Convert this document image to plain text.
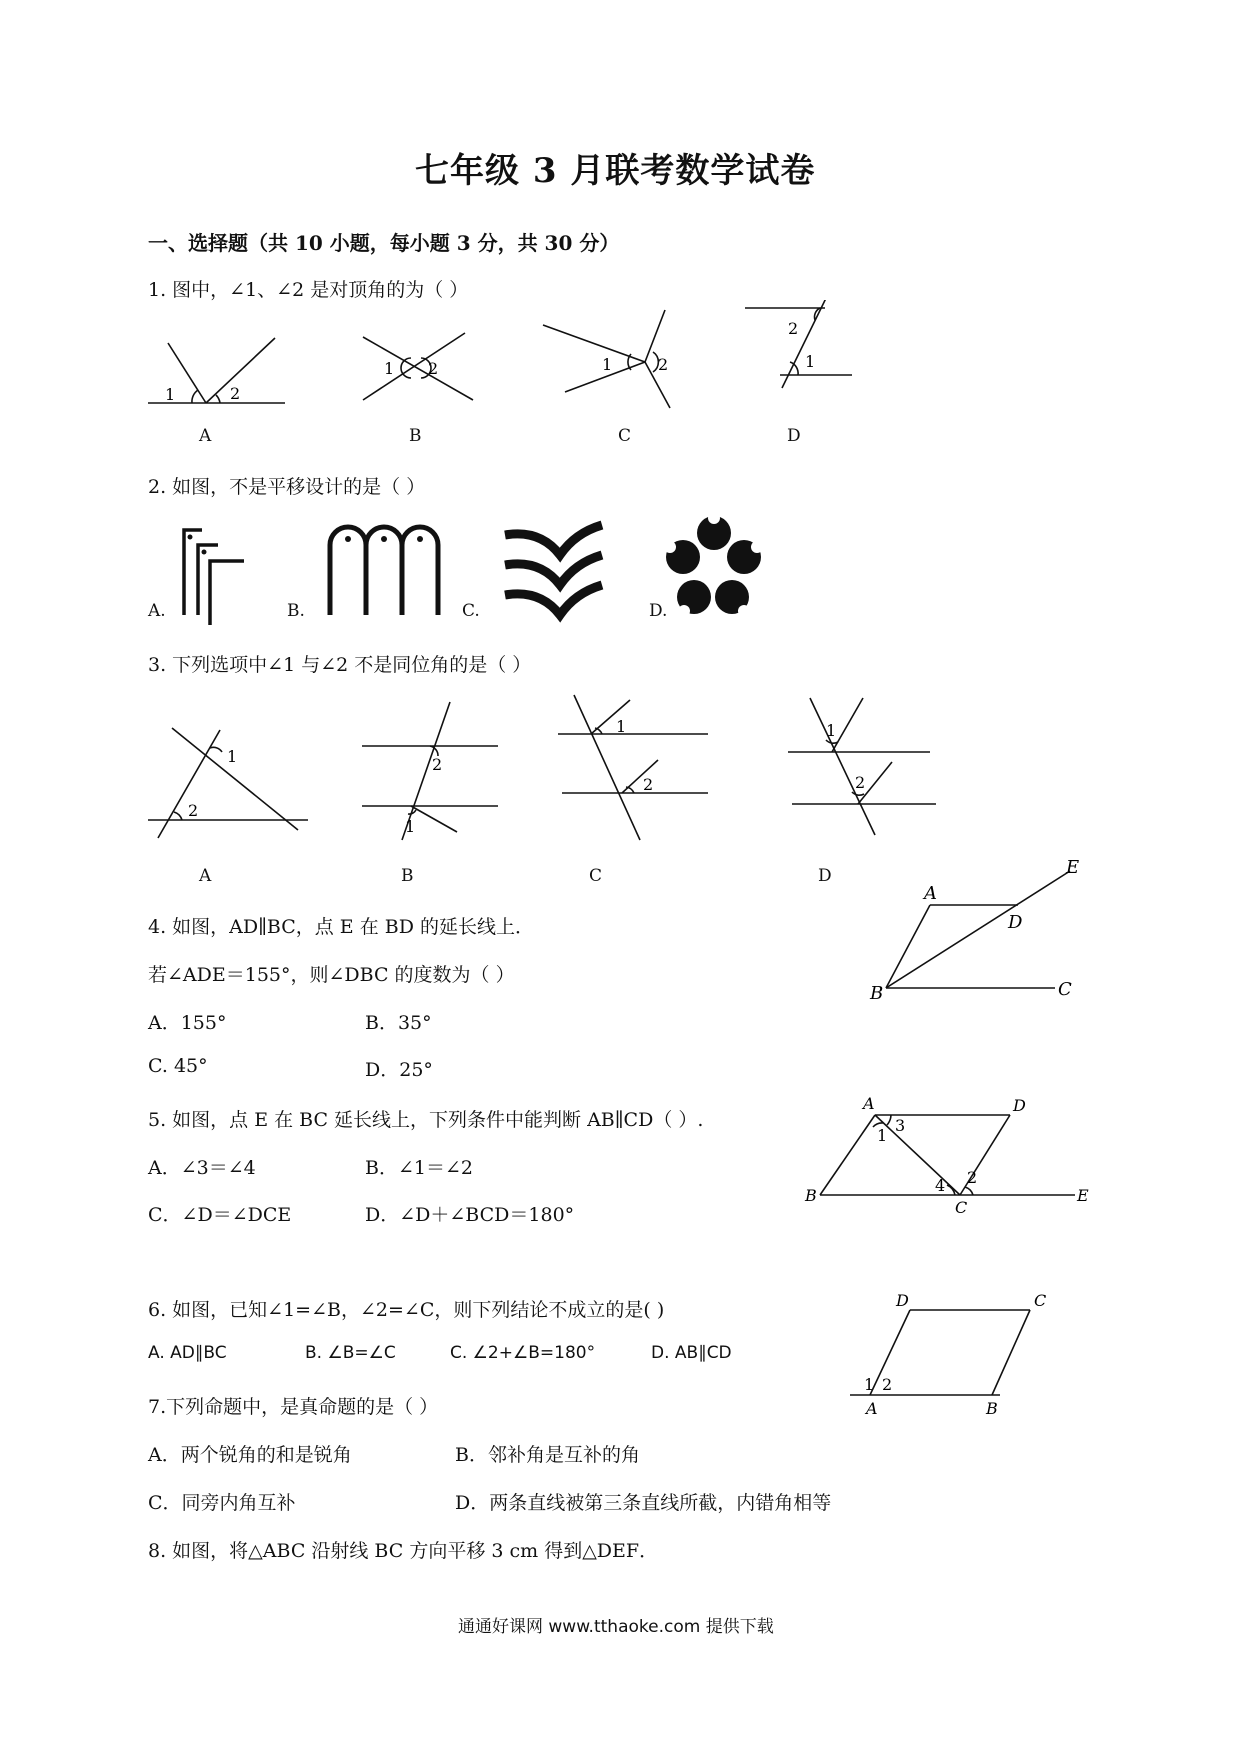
七年级 3 月联考数学试卷
一、选择题（共 10 小题，每小题 3 分，共 30 分）
1. 图中，∠1、∠2 是对顶角的为（ ）
1	2
1 2	1	2
2
1
A	B	C	D
2. 如图，不是平移设计的是（ ）
A.	B.	C.	D.
3. 下列选项中∠1 与∠2 不是同位角的是（ ）
1
2
2
1
1
2
1
2
A	B	C	D
4. 如图，AD∥BC，点 E 在 BD 的延长线上．
若∠ADE＝155°，则∠DBC 的度数为（ ）
A．155°	B．35°
C. 45°	D．25°
A
D
E
B	C
5. 如图，点 E 在 BC 延长线上，下列条件中能判断 AB∥CD（ ）.
A．∠3＝∠4	B．∠1＝∠2
C．∠D＝∠DCE	D．∠D＋∠BCD＝180°
A	D
B
C
E
1
2
3
4
6. 如图，已知∠1=∠B，∠2=∠C，则下列结论不成立的是( )
A. AD∥BC	B. ∠B=∠C	C. ∠2+∠B=180°	D. AB∥CD
D	C
A	B
1 2
7.下列命题中，是真命题的是（ ）
A．两个锐角的和是锐角	B．邻补角是互补的角
C．同旁内角互补	D．两条直线被第三条直线所截，内错角相等
8. 如图，将△ABC 沿射线 BC 方向平移 3 cm 得到△DEF．
通通好课网 www.tthaoke.com 提供下载
